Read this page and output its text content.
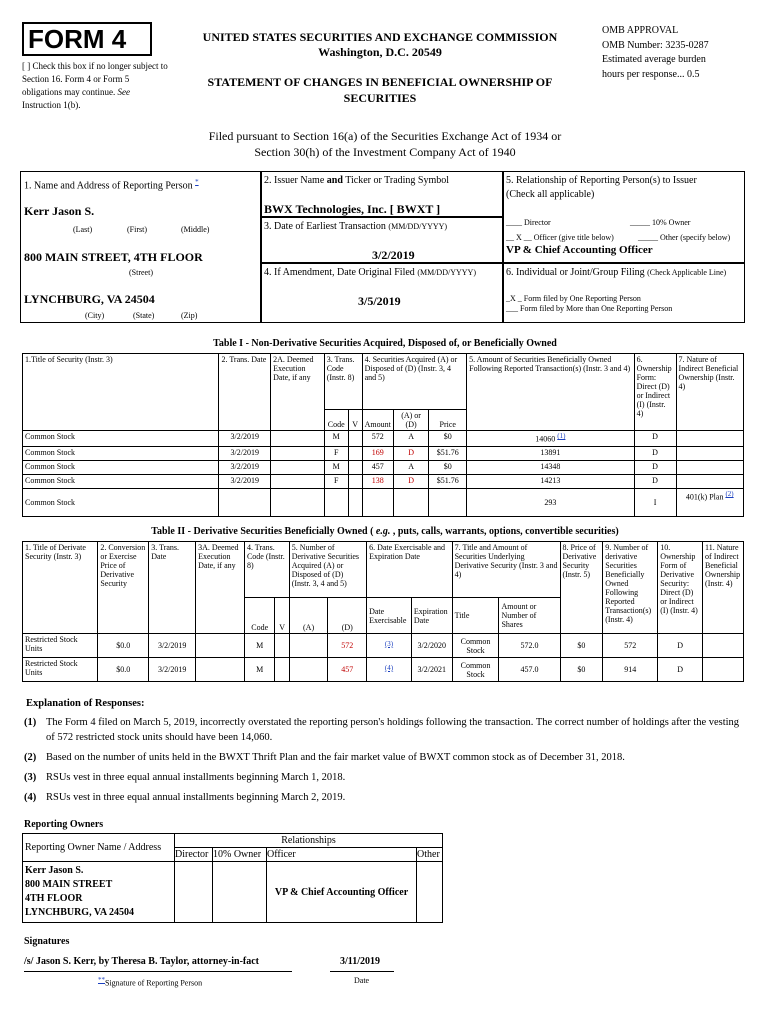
FORM 4
[ ] Check this box if no longer subject to Section 16. Form 4 or Form 5 obligations may continue. See Instruction 1(b).
UNITED STATES SECURITIES AND EXCHANGE COMMISSION
Washington, D.C. 20549
STATEMENT OF CHANGES IN BENEFICIAL OWNERSHIP OF
SECURITIES
OMB APPROVAL
OMB Number: 3235-0287
Estimated average burden
hours per response... 0.5
Filed pursuant to Section 16(a) of the Securities Exchange Act of 1934 or
Section 30(h) of the Investment Company Act of 1940
1. Name and Address of Reporting Person *
Kerr Jason S.
(Last)	(First)	(Middle)
800 MAIN STREET, 4TH FLOOR
(Street)
LYNCHBURG, VA 24504
(City)	(State)	(Zip)
2. Issuer Name and Ticker or Trading Symbol
BWX Technologies, Inc. [ BWXT ]
3. Date of Earliest Transaction (MM/DD/YYYY)
3/2/2019
4. If Amendment, Date Original Filed (MM/DD/YYYY)
3/5/2019
5. Relationship of Reporting Person(s) to Issuer
(Check all applicable)
____ Director	_____ 10% Owner
__ X __ Officer (give title below)	_____ Other (specify below)
VP & Chief Accounting Officer
6. Individual or Joint/Group Filing (Check Applicable Line)
_X _ Form filed by One Reporting Person
___ Form filed by More than One Reporting Person
Table I - Non-Derivative Securities Acquired, Disposed of, or Beneficially Owned
1.Title of Security (Instr. 3)	2. Trans. Date	2A. Deemed Execution Date, if any	3. Trans. Code (Instr. 8)		4. Securities Acquired (A) or Disposed of (D) (Instr. 3, 4 and 5)			5. Amount of Securities Beneficially Owned Following Reported Transaction(s) (Instr. 3 and 4)	6. Ownership Form: Direct (D) or Indirect (I) (Instr. 4)	7. Nature of Indirect Beneficial Ownership (Instr. 4)
			Code	V	Amount	(A) or (D)	Price			
Common Stock	3/2/2019		M		572	A	$0	14060 $^{(1)}$	D	
Common Stock	3/2/2019		F		169	D	$51.76	13891	D	
Common Stock	3/2/2019		M		457	A	$0	14348	D	
Common Stock	3/2/2019		F		138	D	$51.76	14213	D	
Common Stock								293	I	401(k) Plan $^{(2)}$
Table II - Derivative Securities Beneficially Owned ( e.g. , puts, calls, warrants, options, convertible securities)
1. Title of Derivate Security (Instr. 3)	2. Conversion or Exercise Price of Derivative Security	3. Trans. Date	3A. Deemed Execution Date, if any	4. Trans. Code (Instr. 8)		5. Number of Derivative Securities Acquired (A) or Disposed of (D) (Instr. 3, 4 and 5)		6. Date Exercisable and Expiration Date		7. Title and Amount of Securities Underlying Derivative Security (Instr. 3 and 4)		8. Price of Derivative Security (Instr. 5)	9. Number of derivative Securities Beneficially Owned Following Reported Transaction(s) (Instr. 4)	10. Ownership Form of Derivative Security: Direct (D) or Indirect (I) (Instr. 4)	11. Nature of Indirect Beneficial Ownership (Instr. 4)
				Code	V	(A)	(D)	Date Exercisable	Expiration Date	Title	Amount or Number of Shares				
Restricted Stock Units	$0.0	3/2/2019		M			572	$^{(3)}$	3/2/2020	Common Stock	572.0	$0	572	D	
Restricted Stock Units	$0.0	3/2/2019		M			457	$^{(4)}$	3/2/2021	Common Stock	457.0	$0	914	D	
Explanation of Responses:
(1) The Form 4 filed on March 5, 2019, incorrectly overstated the reporting person's holdings following the transaction. The correct number of holdings after the vesting of 572 restricted stock units should have been 14,060.
(2) Based on the number of units held in the BWXT Thrift Plan and the fair market value of BWXT common stock as of December 31, 2018.
(3) RSUs vest in three equal annual installments beginning March 1, 2018.
(4) RSUs vest in three equal annual installments beginning March 2, 2019.
Reporting Owners
Reporting Owner Name / Address	Relationships			
	Director	10% Owner	Officer	Other

Kerr Jason S.
800 MAIN STREET
4TH FLOOR
LYNCHBURG, VA 24504			VP & Chief Accounting Officer	
Signatures
/s/ Jason S. Kerr, by Theresa B. Taylor, attorney-in-fact	3/11/2019
**Signature of Reporting Person	Date
